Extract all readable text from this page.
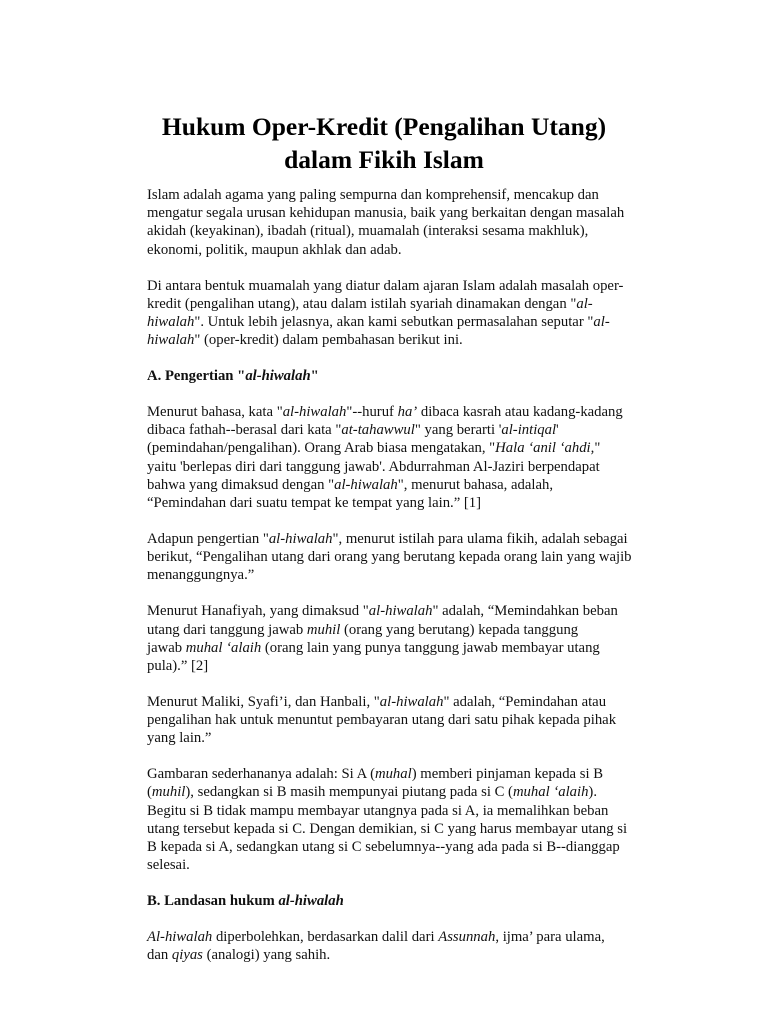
Hukum Oper-Kredit (Pengalihan Utang)
dalam Fikih Islam

Islam adalah agama yang paling sempurna dan komprehensif, mencakup dan
mengatur segala urusan kehidupan manusia, baik yang berkaitan dengan masalah
akidah (keyakinan), ibadah (ritual), muamalah (interaksi sesama makhluk),
ekonomi, politik, maupun akhlak dan adab.

Di antara bentuk muamalah yang diatur dalam ajaran Islam adalah masalah oper-
kredit (pengalihan utang), atau dalam istilah syariah dinamakan dengan "al-
hiwalah". Untuk lebih jelasnya, akan kami sebutkan permasalahan seputar "al-
hiwalah" (oper-kredit) dalam pembahasan berikut ini.

A. Pengertian "al-hiwalah"

Menurut bahasa, kata "al-hiwalah"--huruf ha’ dibaca kasrah atau kadang-kadang
dibaca fathah--berasal dari kata "at-tahawwul" yang berarti 'al-intiqal'
(pemindahan/pengalihan). Orang Arab biasa mengatakan, "Hala ‘anil ‘ahdi,"
yaitu 'berlepas diri dari tanggung jawab'. Abdurrahman Al-Jaziri berpendapat
bahwa yang dimaksud dengan "al-hiwalah", menurut bahasa, adalah,
“Pemindahan dari suatu tempat ke tempat yang lain.” [1]

Adapun pengertian "al-hiwalah", menurut istilah para ulama fikih, adalah sebagai
berikut, “Pengalihan utang dari orang yang berutang kepada orang lain yang wajib
menanggungnya.”

Menurut Hanafiyah, yang dimaksud "al-hiwalah" adalah, “Memindahkan beban
utang dari tanggung jawab muhil (orang yang berutang) kepada tanggung
jawab muhal ‘alaih (orang lain yang punya tanggung jawab membayar utang
pula).” [2]

Menurut Maliki, Syafi’i, dan Hanbali, "al-hiwalah" adalah, “Pemindahan atau
pengalihan hak untuk menuntut pembayaran utang dari satu pihak kepada pihak
yang lain.”

Gambaran sederhananya adalah: Si A (muhal) memberi pinjaman kepada si B
(muhil), sedangkan si B masih mempunyai piutang pada si C (muhal ‘alaih).
Begitu si B tidak mampu membayar utangnya pada si A, ia memalihkan beban
utang tersebut kepada si C. Dengan demikian, si C yang harus membayar utang si
B kepada si A, sedangkan utang si C sebelumnya--yang ada pada si B--dianggap
selesai.

B. Landasan hukum al-hiwalah

Al-hiwalah diperbolehkan, berdasarkan dalil dari Assunnah, ijma’ para ulama,
dan qiyas (analogi) yang sahih.
